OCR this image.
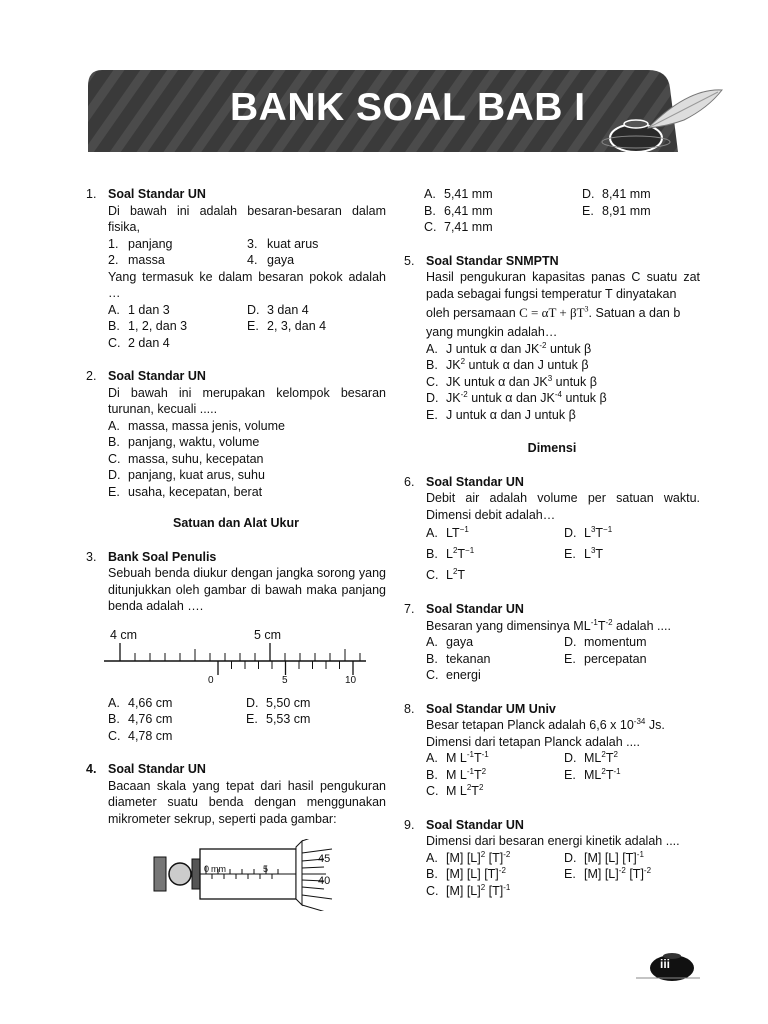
BANK SOAL BAB I
1. Soal Standar UN
Di bawah ini adalah besaran-besaran dalam fisika,
1. panjang	3. kuat arus
2. massa	4. gaya
Yang termasuk ke dalam besaran pokok adalah …
A. 1 dan 3	D. 3 dan 4
B. 1, 2, dan 3	E. 2, 3, dan 4
C. 2 dan 4
2. Soal Standar UN
Di bawah ini merupakan kelompok besaran turunan, kecuali .....
A. massa, massa jenis, volume
B. panjang, waktu, volume
C. massa, suhu, kecepatan
D. panjang, kuat arus, suhu
E. usaha, kecepatan, berat
Satuan dan Alat Ukur
3. Bank Soal Penulis
Sebuah benda diukur dengan jangka sorong yang ditunjukkan oleh gambar di bawah maka panjang benda adalah ….
4 cm	5 cm
0	5	10
A. 4,66 cm	D. 5,50 cm
B. 4,76 cm	E. 5,53 cm
C. 4,78 cm
4. Soal Standar UN
Bacaan skala yang tepat dari hasil pengukuran diameter suatu benda dengan menggunakan mikrometer sekrup, seperti pada gambar:
0 mm	5
45
40
A. 5,41 mm	D. 8,41 mm
B. 6,41 mm	E. 8,91 mm
C. 7,41 mm
5. Soal Standar SNMPTN
Hasil pengukuran kapasitas panas C suatu zat pada sebagai fungsi temperatur T dinyatakan
oleh persamaan $C = \alpha T + \beta T^3$. Satuan a dan b
yang mungkin adalah…
A. J untuk α dan $JK^{-2}$ untuk β
B. $JK^2$ untuk α dan J untuk β
C. JK untuk α dan $JK^3$ untuk β
D. $JK^{-2}$ untuk α dan $JK^{-4}$ untuk β
E. J untuk α dan J untuk β
Dimensi
6. Soal Standar UN
Debit air adalah volume per satuan waktu. Dimensi debit adalah…
A. $LT^{-1}$	D. $L^3T^{-1}$
B. $L^2T^{-1}$	E. $L^3T$
C. $L^2T$
7. Soal Standar UN
Besaran yang dimensinya $ML^{-1}T^{-2}$ adalah ....
A. gaya	D. momentum
B. tekanan	E. percepatan
C. energi
8. Soal Standar UM Univ
Besar tetapan Planck adalah 6,6 x $10^{-34}$ Js.
Dimensi dari tetapan Planck adalah ....
A. M $L^{-1}T^{-1}$	D. $ML^2T^2$
B. M $L^{-1}T^2$	E. $ML^2T^{-1}$
C. M $L^2T^2$
9. Soal Standar UN
Dimensi dari besaran energi kinetik adalah ....
A. [M] $[L]^2$ $[T]^{-2}$	D. [M] [L] $[T]^{-1}$
B. [M] [L] $[T]^{-2}$	E. [M] $[L]^{-2}$ $[T]^{-2}$
C. [M] $[L]^2$ $[T]^{-1}$
iii
